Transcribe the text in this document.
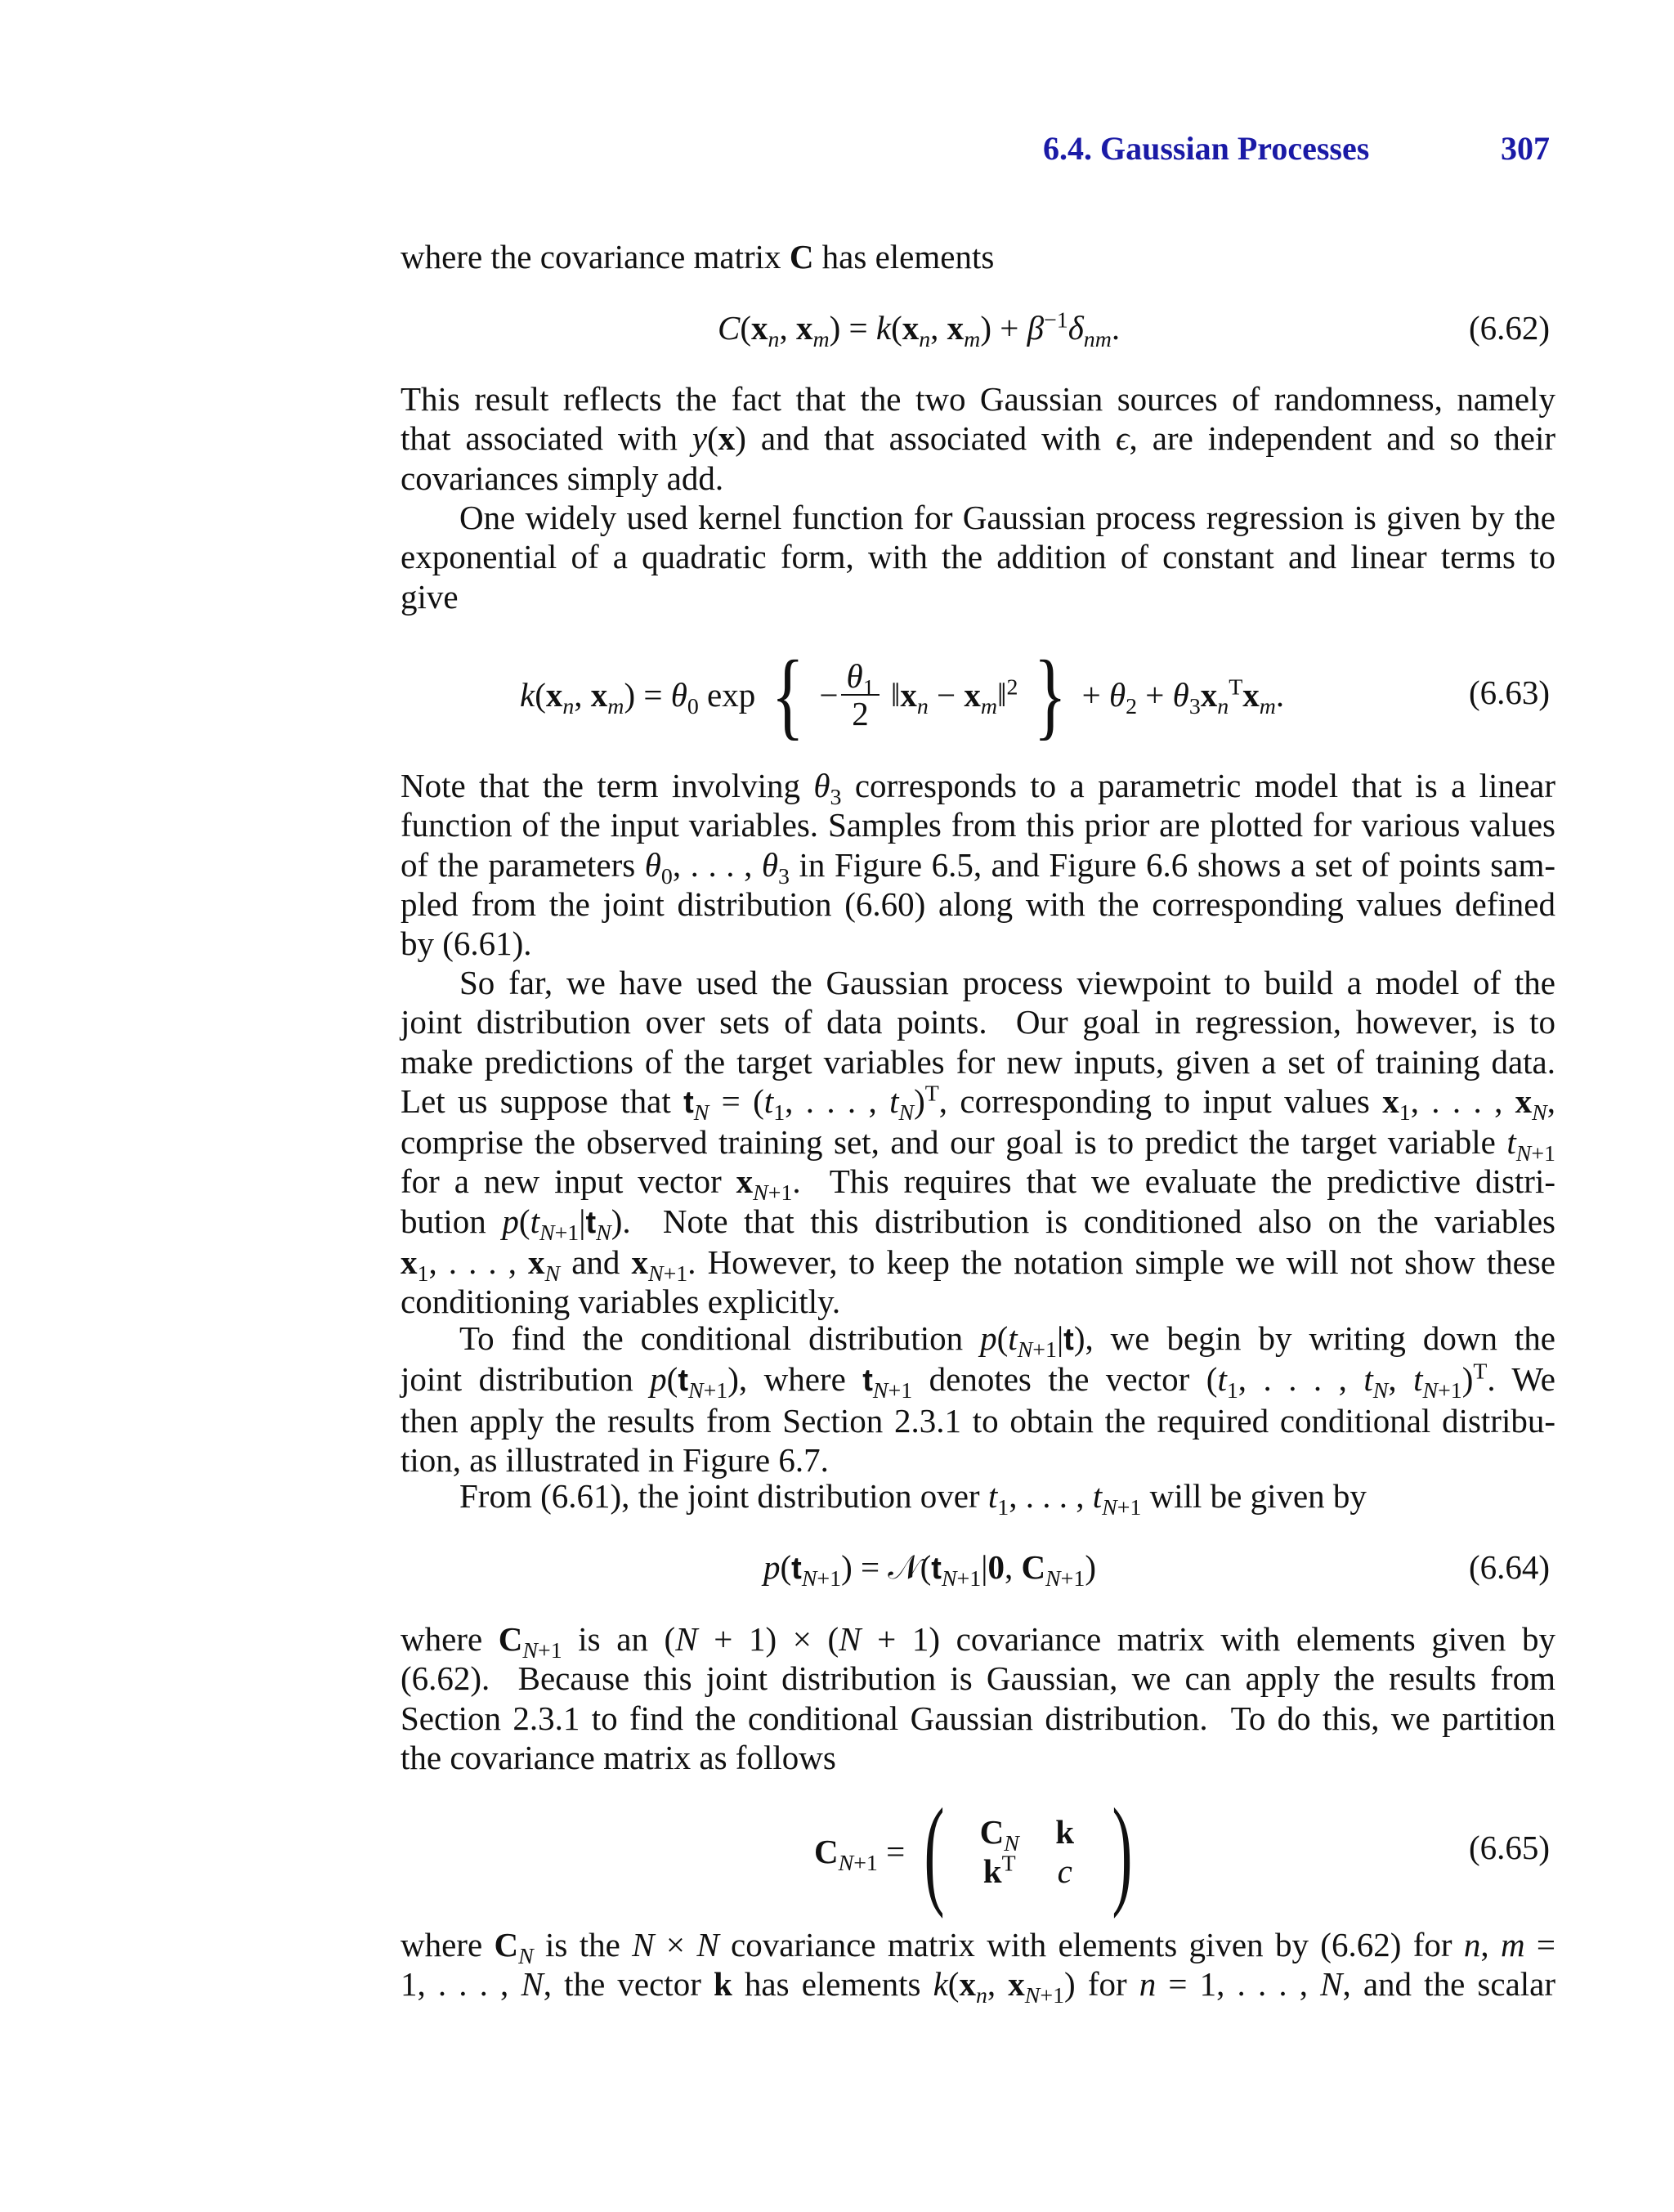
6.4. Gaussian Processes	307
where the covariance matrix C has elements
$C(x_n$, $x_m) = k(x_n$, $x_m) + \beta^{-1}\delta_{nm}$.	(6.62)
This result reflects the fact that the two Gaussian sources of randomness, namely
that associated with y(x) and that associated with ϵ, are independent and so their
covariances simply add.
One widely used kernel function for Gaussian process regression is given by the
exponential of a quadratic form, with the addition of constant and linear terms to
give
$k(x_n$, $x_m) = \theta_0$ exp { − $\frac{\theta_1}{2}$ $‖x_n$ − $x_m‖^2$ } + $\theta_2 + \theta_3x_n^Tx_m$.	(6.63)
Note that the term involving $\theta_3$ corresponds to a parametric model that is a linear
function of the input variables. Samples from this prior are plotted for various values
of the parameters $\theta_0$, . . . , $\theta_3$ in Figure 6.5, and Figure 6.6 shows a set of points sam-
pled from the joint distribution (6.60) along with the corresponding values defined
by (6.61).
So far, we have used the Gaussian process viewpoint to build a model of the
joint distribution over sets of data points.  Our goal in regression, however, is to
make predictions of the target variables for new inputs, given a set of training data.
Let us suppose that $t_N = (t_1$, . . . , $t_N)^T$, corresponding to input values $x_1$, . . . , $x_N$,
comprise the observed training set, and our goal is to predict the target variable $t_{N+1}$
for a new input vector $x_{N+1}$.  This requires that we evaluate the predictive distri-
bution $p(t_{N+1}|t_N)$.  Note that this distribution is conditioned also on the variables
$x_1$, . . . , $x_N$ and $x_{N+1}$. However, to keep the notation simple we will not show these
conditioning variables explicitly.
To find the conditional distribution $p(t_{N+1}|t)$, we begin by writing down the
joint distribution $p(t_{N+1})$, where $t_{N+1}$ denotes the vector ($t_1$, . . . , $t_N$, $t_{N+1})^T$. We
then apply the results from Section 2.3.1 to obtain the required conditional distribu-
tion, as illustrated in Figure 6.7.
From (6.61), the joint distribution over $t_1$, . . . , $t_{N+1}$ will be given by
$p(t_{N+1})$ = $𝒩(t_{N+1}|0$, $C_{N+1}$)	(6.64)
where $C_{N+1}$ is an (N + 1) × (N + 1) covariance matrix with elements given by
(6.62).  Because this joint distribution is Gaussian, we can apply the results from
Section 2.3.1 to find the conditional Gaussian distribution.  To do this, we partition
the covariance matrix as follows
$C_{N+1}$ = (	$C_N$	k
$k^T$	c )	(6.65)
where $C_N$ is the N × N covariance matrix with elements given by (6.62) for n, m =
1, . . . , N, the vector k has elements $k(x_n$, $x_{N+1}$) for n = 1, . . . , N, and the scalar
